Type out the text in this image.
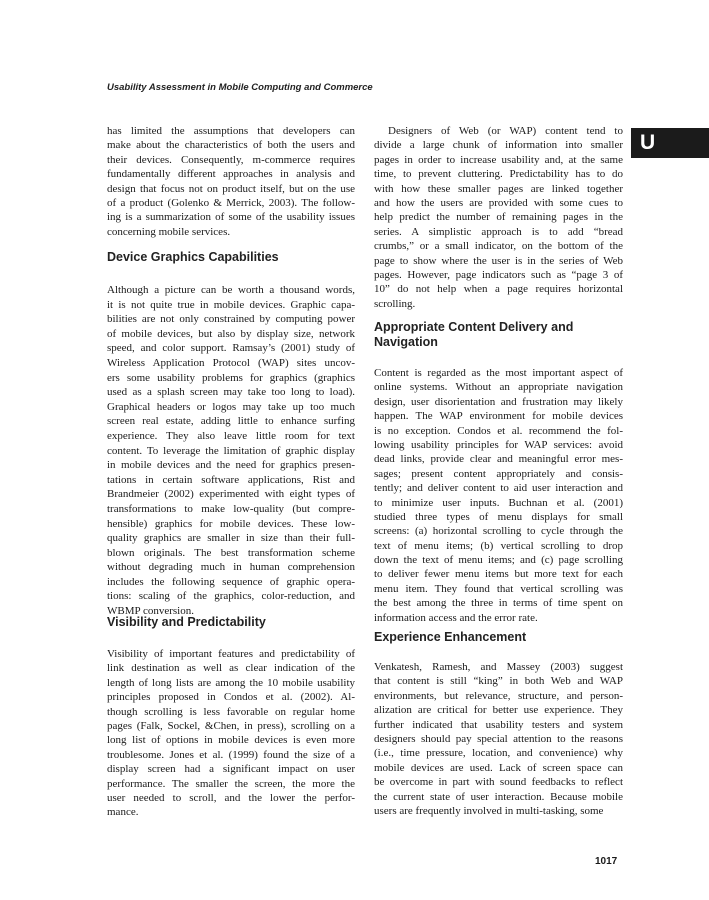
Usability Assessment in Mobile Computing and Commerce
U
has limited the assumptions that developers can
make about the characteristics of both the users and
their devices. Consequently, m-commerce requires
fundamentally different approaches in analysis and
design that focus not on product itself, but on the use
of a product (Golenko & Merrick, 2003). The follow-
ing is a summarization of some of the usability issues
concerning mobile services.
Device Graphics Capabilities
Although a picture can be worth a thousand words,
it is not quite true in mobile devices. Graphic capa-
bilities are not only constrained by computing power
of mobile devices, but also by display size, network
speed, and color support. Ramsay’s (2001) study of
Wireless Application Protocol (WAP) sites uncov-
ers some usability problems for graphics (graphics
used as a splash screen may take too long to load).
Graphical headers or logos may take up too much
screen real estate, adding little to enhance surfing
experience. They also leave little room for text
content. To leverage the limitation of graphic display
in mobile devices and the need for graphics presen-
tations in certain software applications, Rist and
Brandmeier (2002) experimented with eight types of
transformations to make low-quality (but compre-
hensible) graphics for mobile devices. These low-
quality graphics are smaller in size than their full-
blown originals. The best transformation scheme
without degrading much in human comprehension
includes the following sequence of graphic opera-
tions: scaling of the graphics, color-reduction, and
WBMP conversion.
Visibility and Predictability
Visibility of important features and predictability of
link destination as well as clear indication of the
length of long lists are among the 10 mobile usability
principles proposed in Condos et al. (2002). Al-
though scrolling is less favorable on regular home
pages (Falk, Sockel, &Chen, in press), scrolling on a
long list of options in mobile devices is even more
troublesome. Jones et al. (1999) found the size of a
display screen had a significant impact on user
performance. The smaller the screen, the more the
user needed to scroll, and the lower the perfor-
mance.
Designers of Web (or WAP) content tend to
divide a large chunk of information into smaller
pages in order to increase usability and, at the same
time, to prevent cluttering. Predictability has to do
with how these smaller pages are linked together
and how the users are provided with some cues to
help predict the number of remaining pages in the
series. A simplistic approach is to add “bread
crumbs,” or a small indicator, on the bottom of the
page to show where the user is in the series of Web
pages. However, page indicators such as “page 3 of
10” do not help when a page requires horizontal
scrolling.
Appropriate Content Delivery and
Navigation
Content is regarded as the most important aspect of
online systems. Without an appropriate navigation
design, user disorientation and frustration may likely
happen. The WAP environment for mobile devices
is no exception. Condos et al. recommend the fol-
lowing usability principles for WAP services: avoid
dead links, provide clear and meaningful error mes-
sages; present content appropriately and consis-
tently; and deliver content to aid user interaction and
to minimize user inputs. Buchnan et al. (2001)
studied three types of menu displays for small
screens: (a) horizontal scrolling to cycle through the
text of menu items; (b) vertical scrolling to drop
down the text of menu items; and (c) page scrolling
to deliver fewer menu items but more text for each
menu item. They found that vertical scrolling was
the best among the three in terms of time spent on
information access and the error rate.
Experience Enhancement
Venkatesh, Ramesh, and Massey (2003) suggest
that content is still “king” in both Web and WAP
environments, but relevance, structure, and person-
alization are critical for better use experience. They
further indicated that usability testers and system
designers should pay special attention to the reasons
(i.e., time pressure, location, and convenience) why
mobile devices are used. Lack of screen space can
be overcome in part with sound feedbacks to reflect
the current state of user interaction. Because mobile
users are frequently involved in multi-tasking, some
1017
